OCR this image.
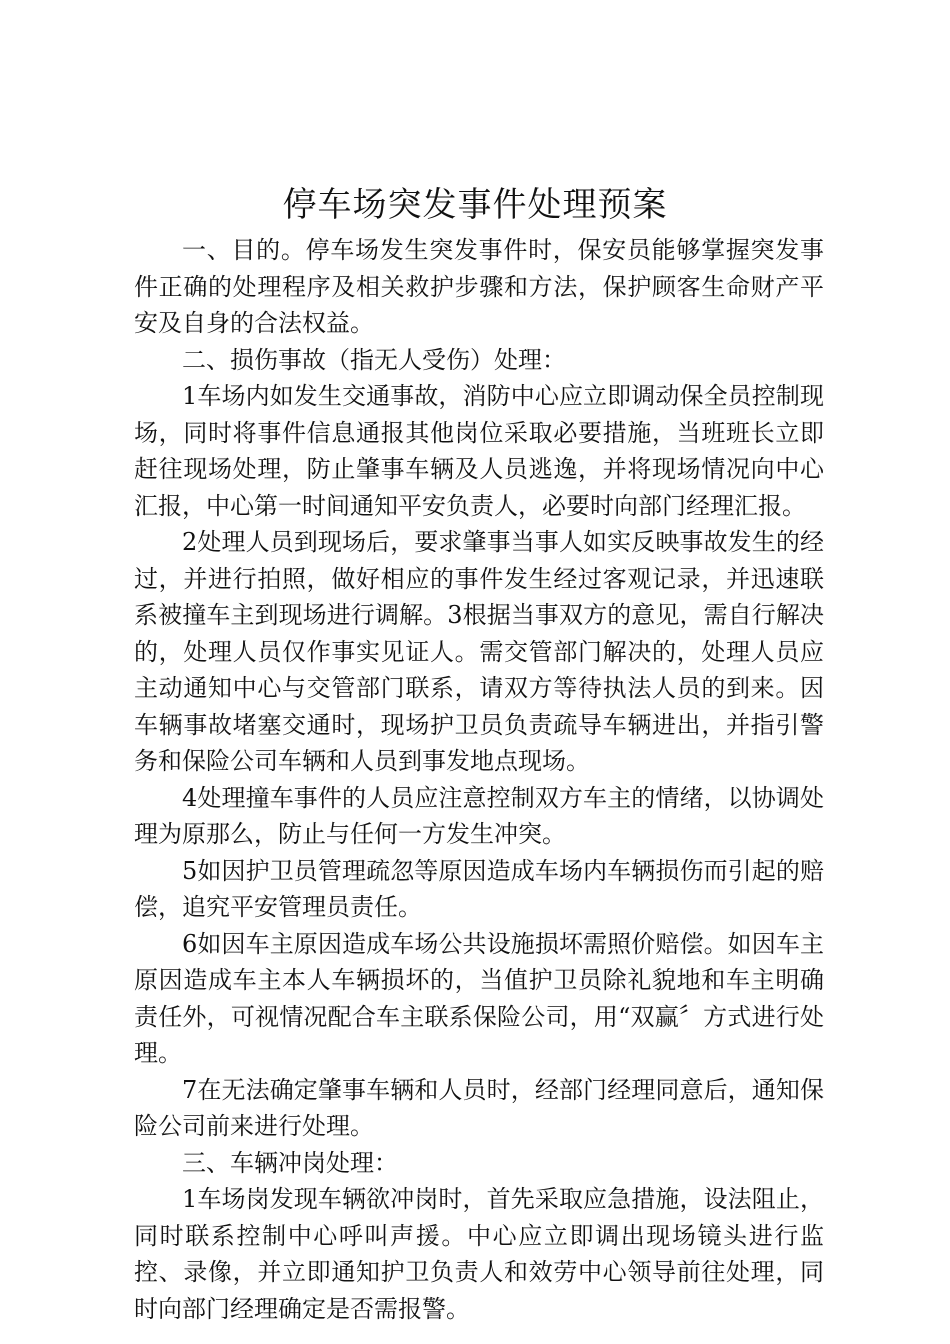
停车场突发事件处理预案

一、目的。停车场发生突发事件时，保安员能够掌握突发事件正确的处理程序及相关救护步骤和方法，保护顾客生命财产平安及自身的合法权益。

二、损伤事故（指无人受伤）处理：

1车场内如发生交通事故，消防中心应立即调动保全员控制现场，同时将事件信息通报其他岗位采取必要措施，当班班长立即赶往现场处理，防止肇事车辆及人员逃逸，并将现场情况向中心汇报，中心第一时间通知平安负责人，必要时向部门经理汇报。

2处理人员到现场后，要求肇事当事人如实反映事故发生的经过，并进行拍照，做好相应的事件发生经过客观记录，并迅速联系被撞车主到现场进行调解。3根据当事双方的意见，需自行解决的，处理人员仅作事实见证人。需交管部门解决的，处理人员应主动通知中心与交管部门联系，请双方等待执法人员的到来。因车辆事故堵塞交通时，现场护卫员负责疏导车辆进出，并指引警务和保险公司车辆和人员到事发地点现场。

4处理撞车事件的人员应注意控制双方车主的情绪，以协调处理为原那么，防止与任何一方发生冲突。

5如因护卫员管理疏忽等原因造成车场内车辆损伤而引起的赔偿，追究平安管理员责任。

6如因车主原因造成车场公共设施损坏需照价赔偿。如因车主原因造成车主本人车辆损坏的，当值护卫员除礼貌地和车主明确责任外，可视情况配合车主联系保险公司，用“双赢〞方式进行处理。

7在无法确定肇事车辆和人员时，经部门经理同意后，通知保险公司前来进行处理。

三、车辆冲岗处理：

1车场岗发现车辆欲冲岗时，首先采取应急措施，设法阻止，同时联系控制中心呼叫声援。中心应立即调出现场镜头进行监控、录像，并立即通知护卫负责人和效劳中心领导前往处理，同时向部门经理确定是否需报警。
